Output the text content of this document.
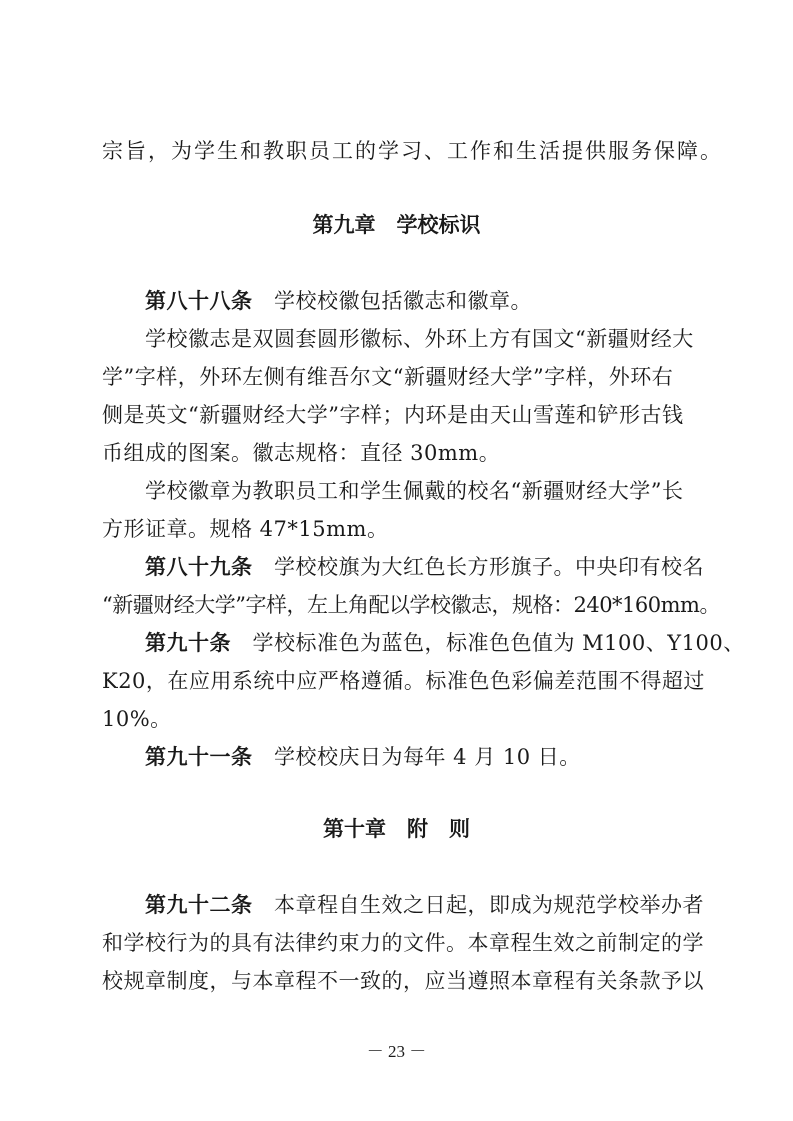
宗旨，为学生和教职员工的学习、工作和生活提供服务保障。
第九章　学校标识
第八十八条　学校校徽包括徽志和徽章。
学校徽志是双圆套圆形徽标、外环上方有国文“新疆财经大
学”字样，外环左侧有维吾尔文“新疆财经大学”字样，外环右
侧是英文“新疆财经大学”字样；内环是由天山雪莲和铲形古钱
币组成的图案。徽志规格：直径 30mm。
学校徽章为教职员工和学生佩戴的校名“新疆财经大学”长
方形证章。规格 47*15mm。
第八十九条　学校校旗为大红色长方形旗子。中央印有校名
“新疆财经大学”字样，左上角配以学校徽志，规格：240*160mm。
第九十条　学校标准色为蓝色，标准色色值为 M100、Y100、
K20，在应用系统中应严格遵循。标准色色彩偏差范围不得超过
10%。
第九十一条　学校校庆日为每年 4 月 10 日。
第十章　附　则
第九十二条　本章程自生效之日起，即成为规范学校举办者
和学校行为的具有法律约束力的文件。本章程生效之前制定的学
校规章制度，与本章程不一致的，应当遵照本章程有关条款予以
－ 23 －
